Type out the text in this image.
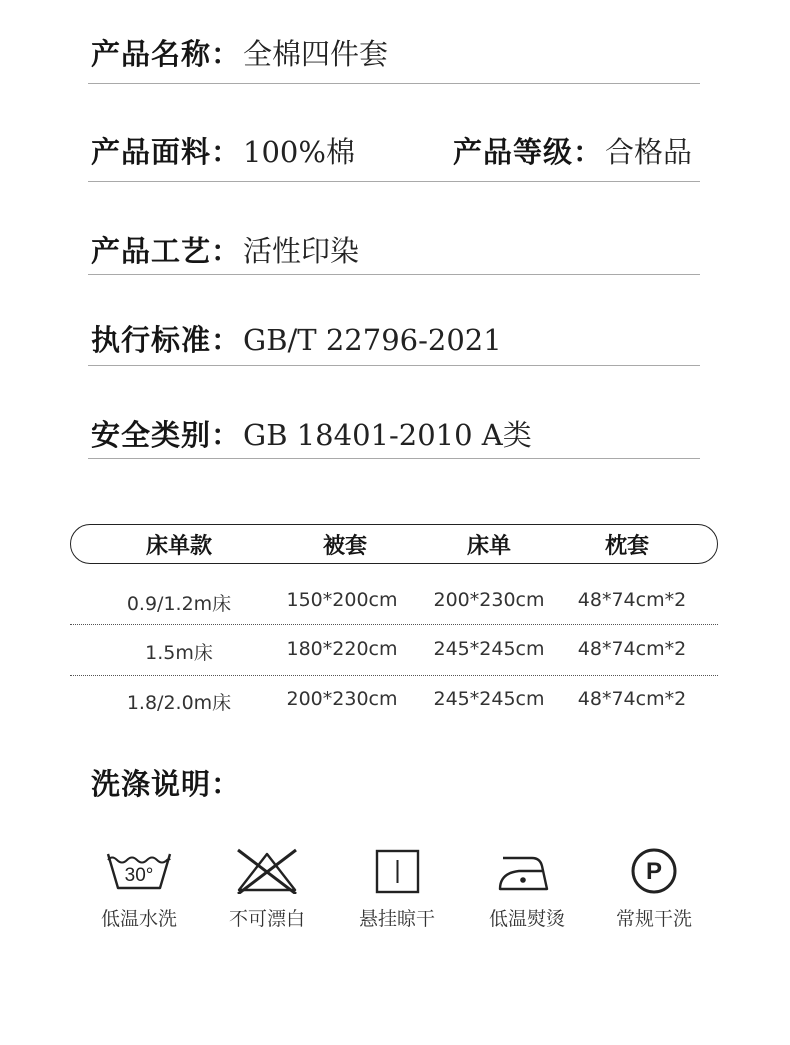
产品名称 ： 全棉四件套
产品面料 ： 100%棉	产品等级 ： 合格品
产品工艺 ： 活性印染
执行标准 ： GB/T 22796-2021
安全类别 ： GB 18401-2010 A类
床单款	被套	床单	枕套
0.9/1.2m床	150*200cm 200*230cm 48*74cm*2
1.5m床	180*220cm 245*245cm 48*74cm*2
1.8/2.0m床	200*230cm 245*245cm 48*74cm*2
洗涤说明：
30°
低温水洗	不可漂白	悬挂晾干	低温熨烫
P
常规干洗
